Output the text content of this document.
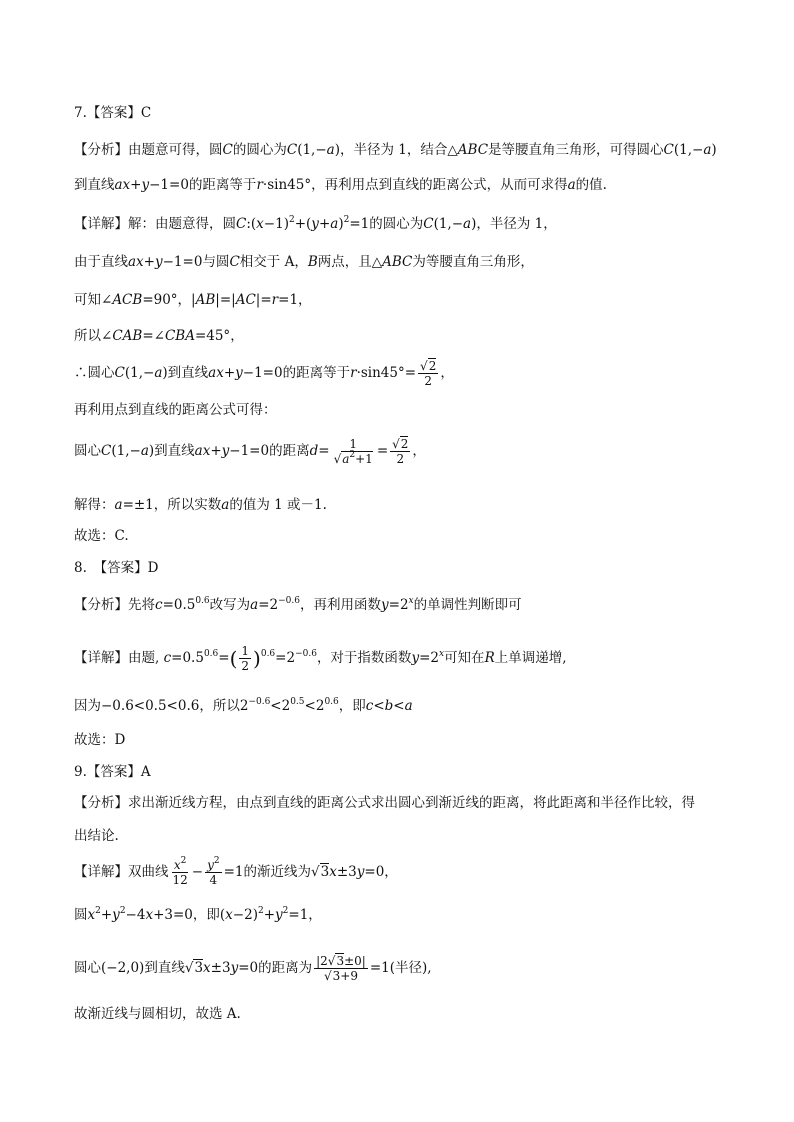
7.【答案】C
【分析】由题意可得，圆C的圆心为C(1,−a)，半径为 1，结合△ABC是等腰直角三角形，可得圆心C(1,−a)
到直线ax+y−1=0的距离等于r·sin45°，再利用点到直线的距离公式，从而可求得a的值.
【详解】解：由题意得，圆$C:(x-1)^2+(y+a)^2=1$的圆心为C(1,−a)，半径为 1，
由于直线ax+y−1=0与圆C相交于 A，B两点，且△ABC为等腰直角三角形，
可知∠ACB=90°，|AB|=|AC|=r=1，
所以∠CAB=∠CBA=45°，
∴圆心C(1,−a)到直线ax+y−1=0的距离等于$r\cdot\sin 45^\circ= \frac{√2}{2}$ ，
再利用点到直线的距离公式可得：
圆心C(1,−a)到直线ax+y−1=0的距离$d= \frac{1}{√a^2+1} = \frac{√2}{2}$ ，
解得：a=±1，所以实数a的值为 1 或－1.
故选：C.
8.　【答案】D
【分析】先将$c=0.5^{0.6}$改写为$a=2^{-0.6}$，再利用函数$y=2^x$的单调性判断即可
【详解】由题, $c=0.5^{0.6}=( \frac{1}{2} )^{0.6}=2^{-0.6}$，对于指数函数$y=2^x$可知在R上单调递增,
因为−0.6<0.5<0.6，所以$2^{-0.6}<2^{0.5}<2^{0.6}$，即c<b<a
故选：D
9.【答案】A
【分析】求出渐近线方程，由点到直线的距离公式求出圆心到渐近线的距离，将此距离和半径作比较，得
出结论.
【详解】双曲线 $\frac{x^2}{12} - \frac{y^2}{4} =1$的渐近线为√3x±3y=0，
圆$x^2+y^2-4x+3=0$，即$(x-2)^2+y^2=1$，
圆心(−2,0)到直线√3x±3y=0的距离为 $\frac{|2√3\pm 0|}{√3+9} =1$(半径),
故渐近线与圆相切，故选 A.
